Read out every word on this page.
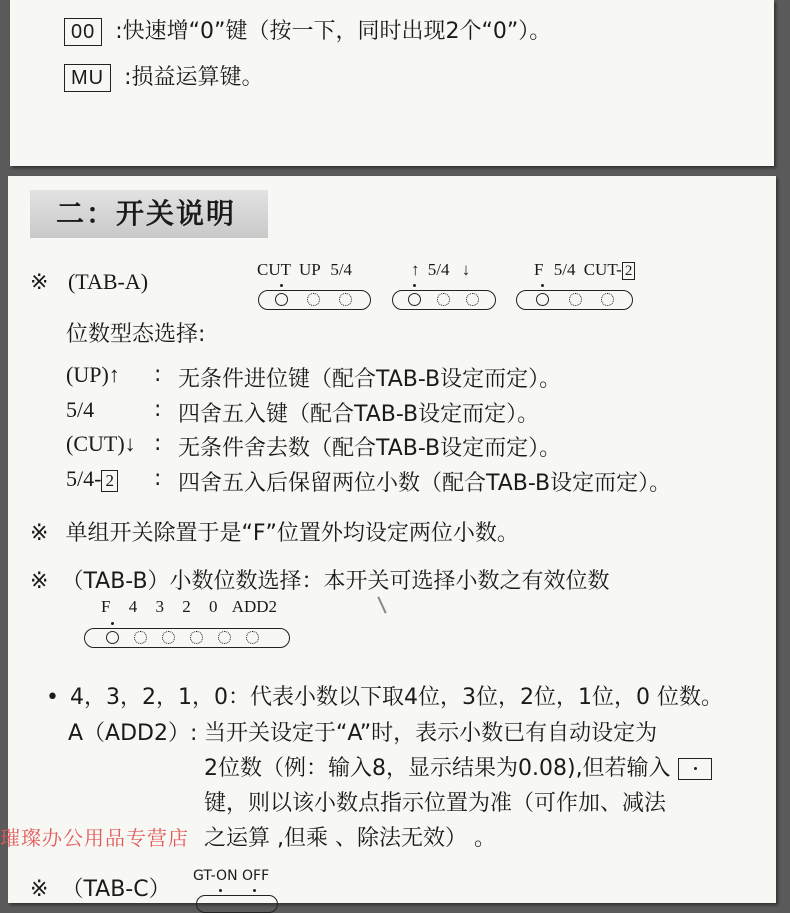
00 :快速增“0”键（按一下，同时出现2个“0”）。
MU :损益运算键。
二：开关说明
※ (TAB-A)	CUT UP 5/4	↑ 5/4 ↓	F 5/4 CUT- 2
位数型态选择:
(UP)↑ : 无条件进位键（配合TAB-B设定而定）。
5/4	: 四舍五入键（配合TAB-B设定而定）。
(CUT)↓ : 无条件舍去数（配合TAB-B设定而定）。
5/4- 2 : 四舍五入后保留两位小数（配合TAB-B设定而定）。
※ 单组开关除置于是“F”位置外均设定两位小数。
※ （TAB-B）小数位数选择：本开关可选择小数之有效位数
F 4 3 2 0 ADD2
• 4，3，2，1，0：代表小数以下取4位，3位，2位，1位，0 位数。
A（ADD2）: 当开关设定于“A”时，表示小数已有自动设定为
2位数（例：输入8，显示结果为0.08),但若输入
键，则以该小数点指示位置为准（可作加、减法
之运算 ,但乘 、除法无效） 。
※ （TAB-C）
GT-ON OFF
璀璨办公用品专营店
